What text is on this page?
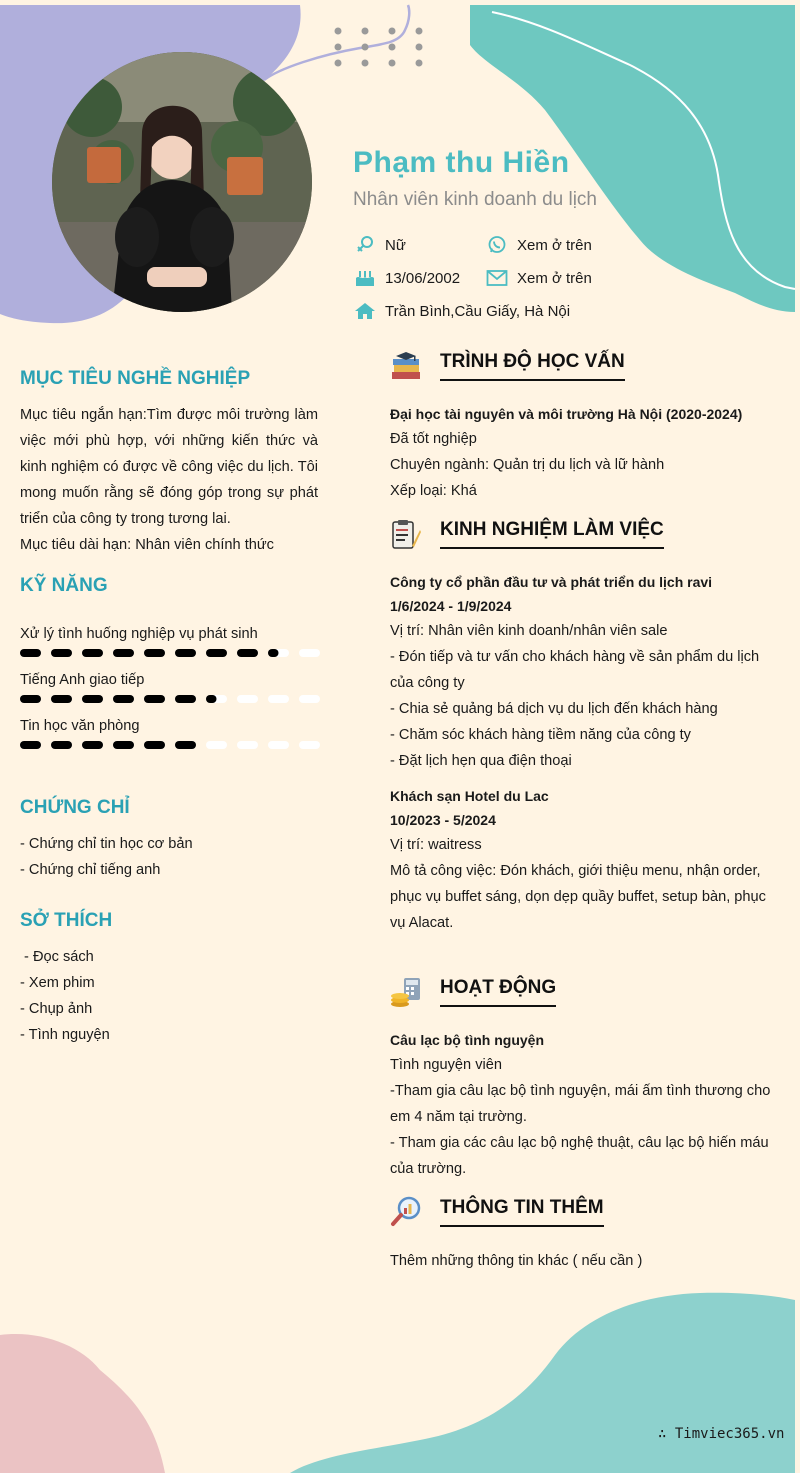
Phạm thu Hiền
Nhân viên kinh doanh du lịch
Nữ	Xem ở trên
13/06/2002	Xem ở trên
Trần Bình,Cầu Giấy, Hà Nội
MỤC TIÊU NGHỀ NGHIỆP
Mục tiêu ngắn hạn:Tìm được môi trường làm việc mới phù hợp, với những kiến thức và kinh nghiệm có được về công việc du lịch. Tôi mong muốn rằng sẽ đóng góp trong sự phát triển của công ty trong tương lai.
Mục tiêu dài hạn: Nhân viên chính thức
KỸ NĂNG
Xử lý tình huống nghiệp vụ phát sinh
Tiếng Anh giao tiếp
Tin học văn phòng
CHỨNG CHỈ
- Chứng chỉ tin học cơ bản
- Chứng chỉ tiếng anh
SỞ THÍCH
- Đọc sách
- Xem phim
- Chụp ảnh
- Tình nguyện
TRÌNH ĐỘ HỌC VẤN
Đại học tài nguyên và môi trường Hà Nội (2020-2024)
Đã tốt nghiệp
Chuyên ngành: Quản trị du lịch và lữ hành
Xếp loại: Khá
KINH NGHIỆM LÀM VIỆC
Công ty cổ phần đầu tư và phát triển du lịch ravi
1/6/2024 - 1/9/2024
Vị trí: Nhân viên kinh doanh/nhân viên sale
- Đón tiếp và tư vấn cho khách hàng về sản phẩm du lịch của công ty
- Chia sẻ quảng bá dịch vụ du lịch đến khách hàng
- Chăm sóc khách hàng tiềm năng của công ty
- Đặt lịch hẹn qua điện thoại
Khách sạn Hotel du Lac
10/2023 - 5/2024
Vị trí: waitress
Mô tả công việc: Đón khách, giới thiệu menu, nhận order, phục vụ buffet sáng, dọn dẹp quầy buffet, setup bàn, phục vụ Alacat.
HOẠT ĐỘNG
Câu lạc bộ tình nguyện
Tình nguyện viên
-Tham gia câu lạc bộ tình nguyện, mái ấm tình thương cho em 4 năm tại trường.
- Tham gia các câu lạc bộ nghệ thuật, câu lạc bộ hiến máu của trường.
THÔNG TIN THÊM
Thêm những thông tin khác ( nếu cần )
∴ Timviec365.vn
